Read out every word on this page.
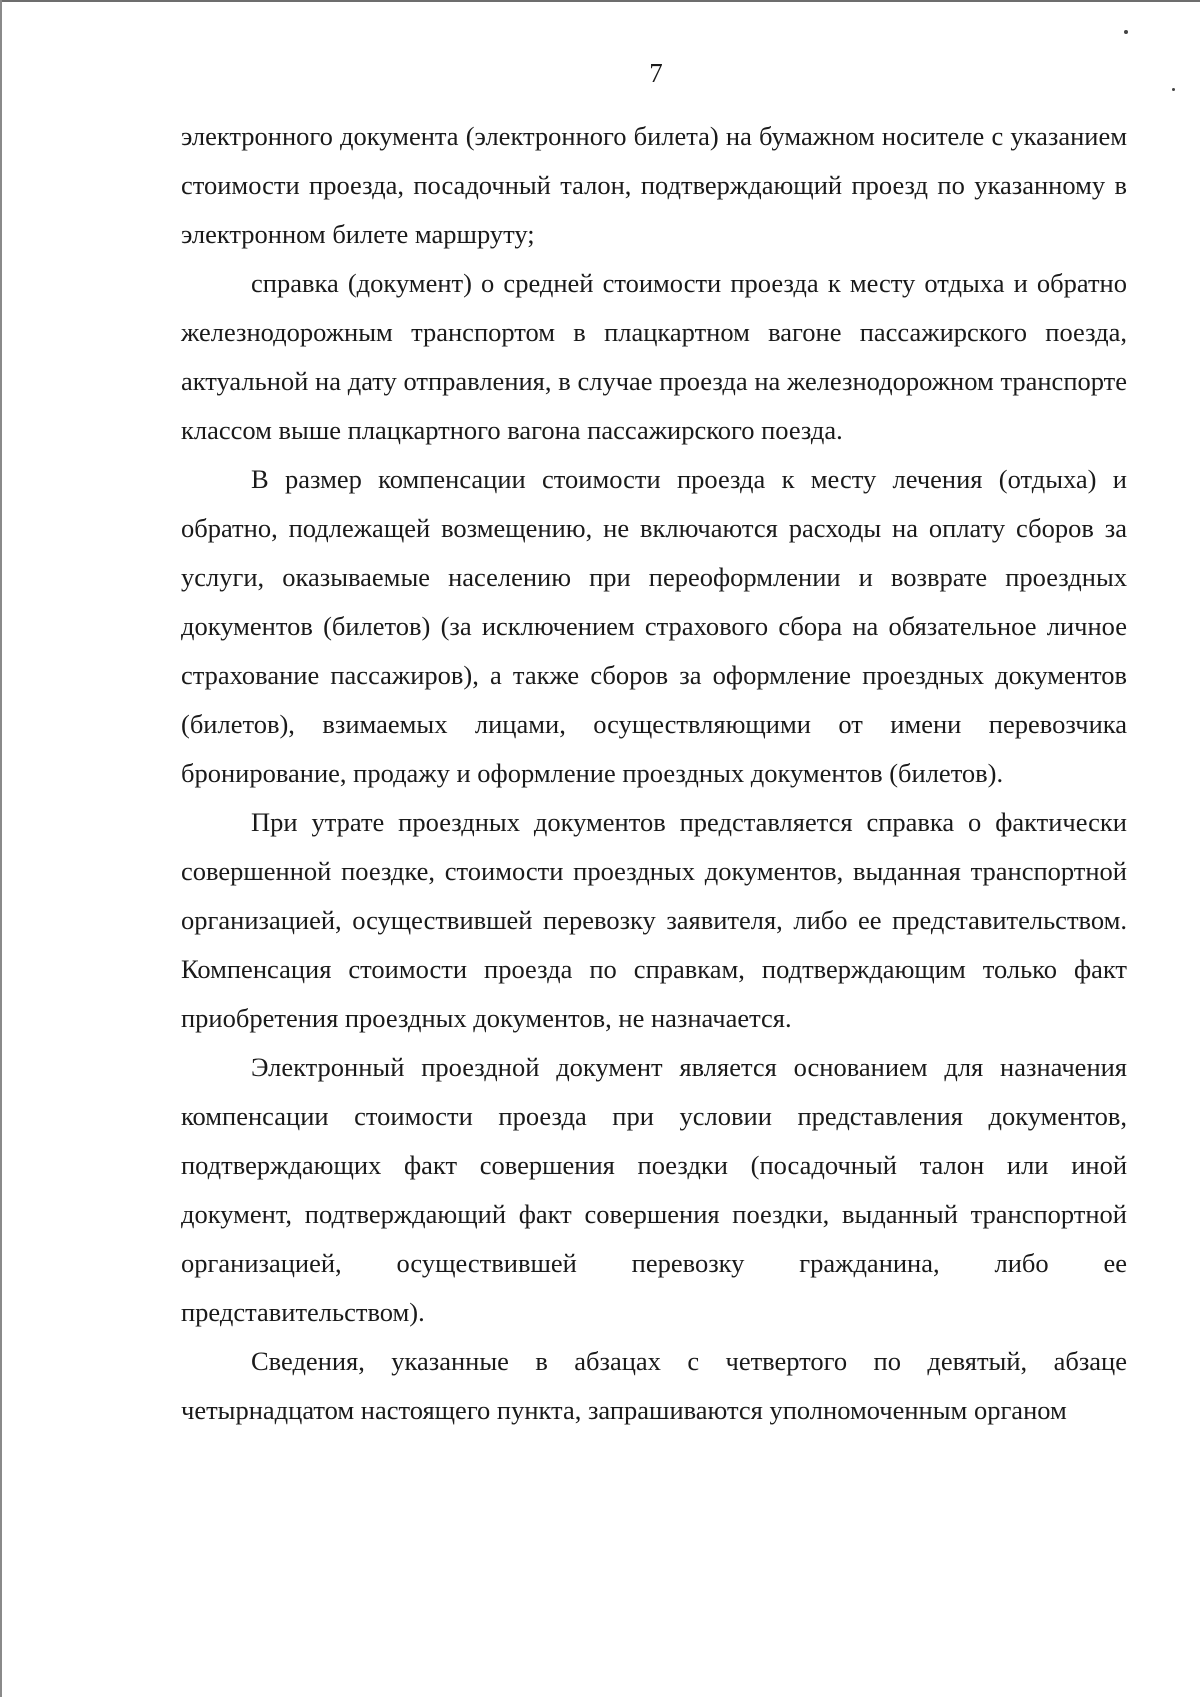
7

электронного документа (электронного билета) на бумажном носителе с указанием стоимости проезда, посадочный талон, подтверждающий проезд по указанному в электронном билете маршруту;

справка (документ) о средней стоимости проезда к месту отдыха и обратно железнодорожным транспортом в плацкартном вагоне пассажирского поезда, актуальной на дату отправления, в случае проезда на железнодорожном транспорте классом выше плацкартного вагона пассажирского поезда.

В размер компенсации стоимости проезда к месту лечения (отдыха) и обратно, подлежащей возмещению, не включаются расходы на оплату сборов за услуги, оказываемые населению при переоформлении и возврате проездных документов (билетов) (за исключением страхового сбора на обязательное личное страхование пассажиров), а также сборов за оформление проездных документов (билетов), взимаемых лицами, осуществляющими от имени перевозчика бронирование, продажу и оформление проездных документов (билетов).

При утрате проездных документов представляется справка о фактически совершенной поездке, стоимости проездных документов, выданная транспортной организацией, осуществившей перевозку заявителя, либо ее представительством. Компенсация стоимости проезда по справкам, подтверждающим только факт приобретения проездных документов, не назначается.

Электронный проездной документ является основанием для назначения компенсации стоимости проезда при условии представления документов, подтверждающих факт совершения поездки (посадочный талон или иной документ, подтверждающий факт совершения поездки, выданный транспортной организацией, осуществившей перевозку гражданина, либо ее представительством).

Сведения, указанные в абзацах с четвертого по девятый, абзаце четырнадцатом настоящего пункта, запрашиваются уполномоченным органом
